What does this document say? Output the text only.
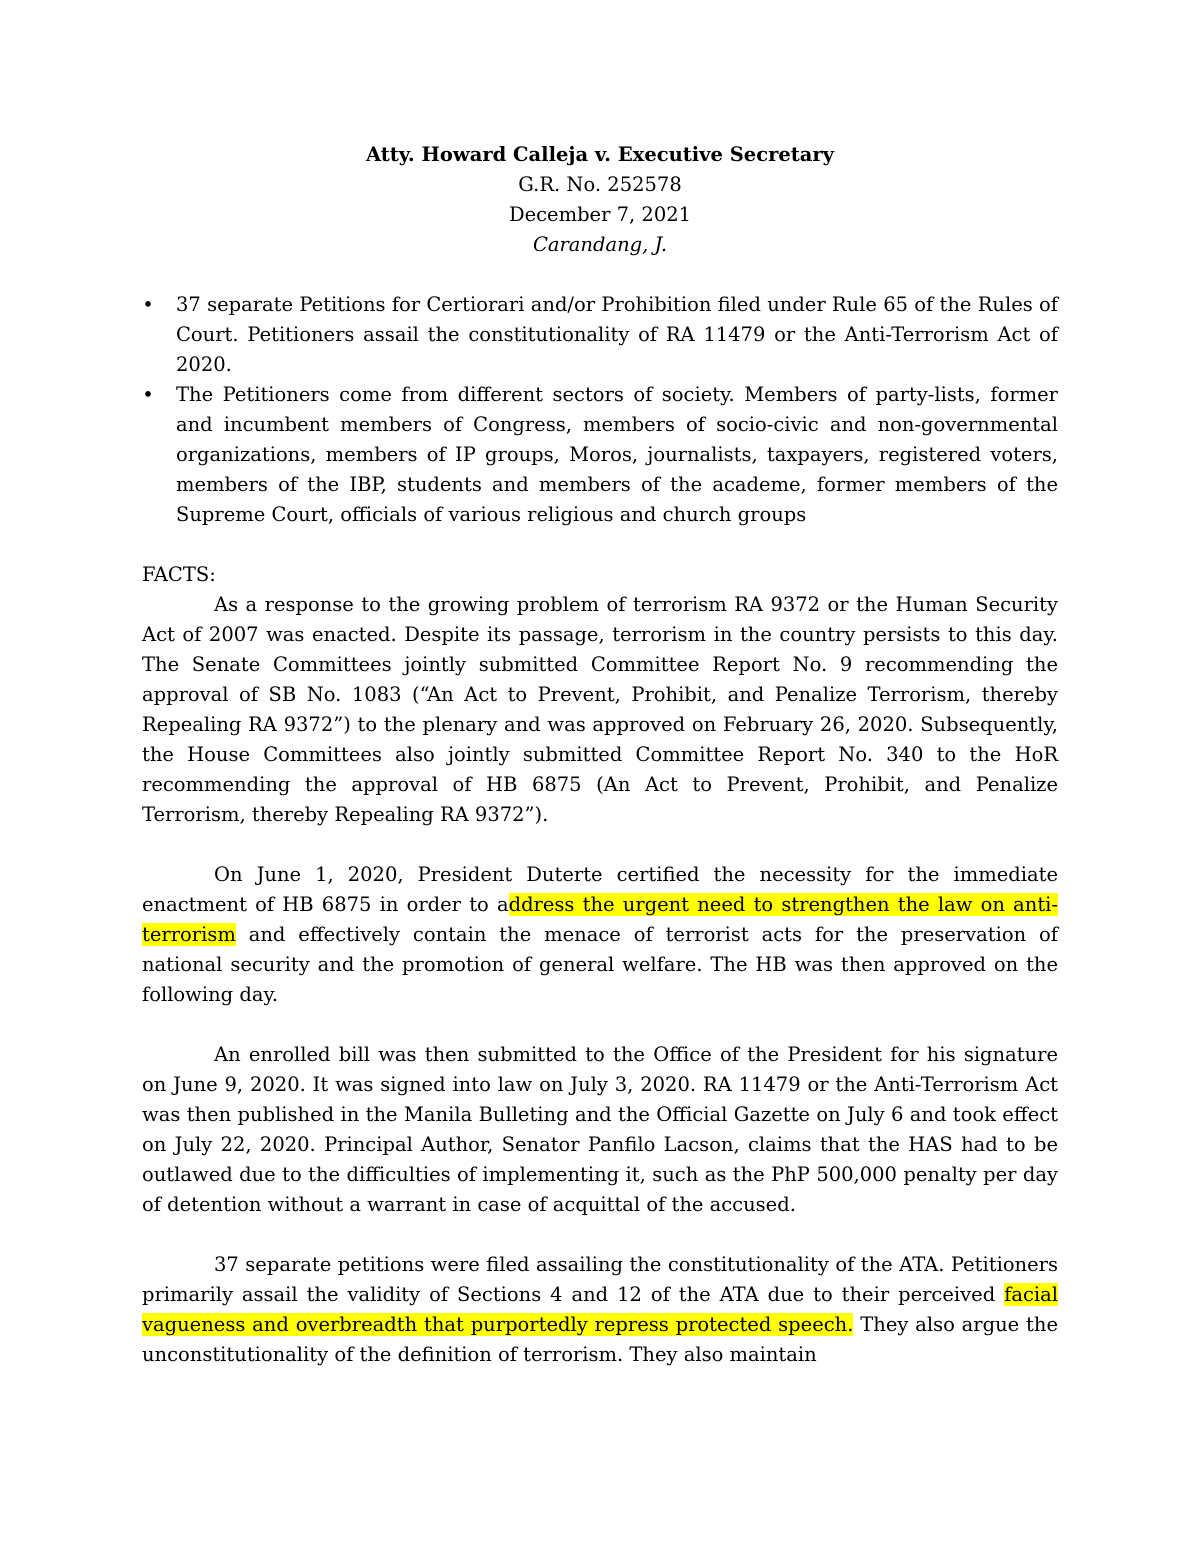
Atty. Howard Calleja v. Executive Secretary
G.R. No. 252578
December 7, 2021
Carandang, J.
• 37 separate Petitions for Certiorari and/or Prohibition filed under Rule 65 of the Rules of Court. Petitioners assail the constitutionality of RA 11479 or the Anti-Terrorism Act of 2020.
• The Petitioners come from different sectors of society. Members of party-lists, former and incumbent members of Congress, members of socio-civic and non-governmental organizations, members of IP groups, Moros, journalists, taxpayers, registered voters, members of the IBP, students and members of the academe, former members of the Supreme Court, officials of various religious and church groups
FACTS:

As a response to the growing problem of terrorism RA 9372 or the Human Security Act of 2007 was enacted. Despite its passage, terrorism in the country persists to this day. The Senate Committees jointly submitted Committee Report No. 9 recommending the approval of SB No. 1083 (“An Act to Prevent, Prohibit, and Penalize Terrorism, thereby Repealing RA 9372”) to the plenary and was approved on February 26, 2020. Subsequently, the House Committees also jointly submitted Committee Report No. 340 to the HoR recommending the approval of HB 6875 (An Act to Prevent, Prohibit, and Penalize Terrorism, thereby Repealing RA 9372”).

On June 1, 2020, President Duterte certified the necessity for the immediate enactment of HB 6875 in order to address the urgent need to strengthen the law on anti-terrorism and effectively contain the menace of terrorist acts for the preservation of national security and the promotion of general welfare. The HB was then approved on the following day.

An enrolled bill was then submitted to the Office of the President for his signature on June 9, 2020. It was signed into law on July 3, 2020. RA 11479 or the Anti-Terrorism Act was then published in the Manila Bulleting and the Official Gazette on July 6 and took effect on July 22, 2020. Principal Author, Senator Panfilo Lacson, claims that the HAS had to be outlawed due to the difficulties of implementing it, such as the PhP 500,000 penalty per day of detention without a warrant in case of acquittal of the accused.

37 separate petitions were filed assailing the constitutionality of the ATA. Petitioners primarily assail the validity of Sections 4 and 12 of the ATA due to their perceived facial vagueness and overbreadth that purportedly repress protected speech. They also argue the unconstitutionality of the definition of terrorism. They also maintain
